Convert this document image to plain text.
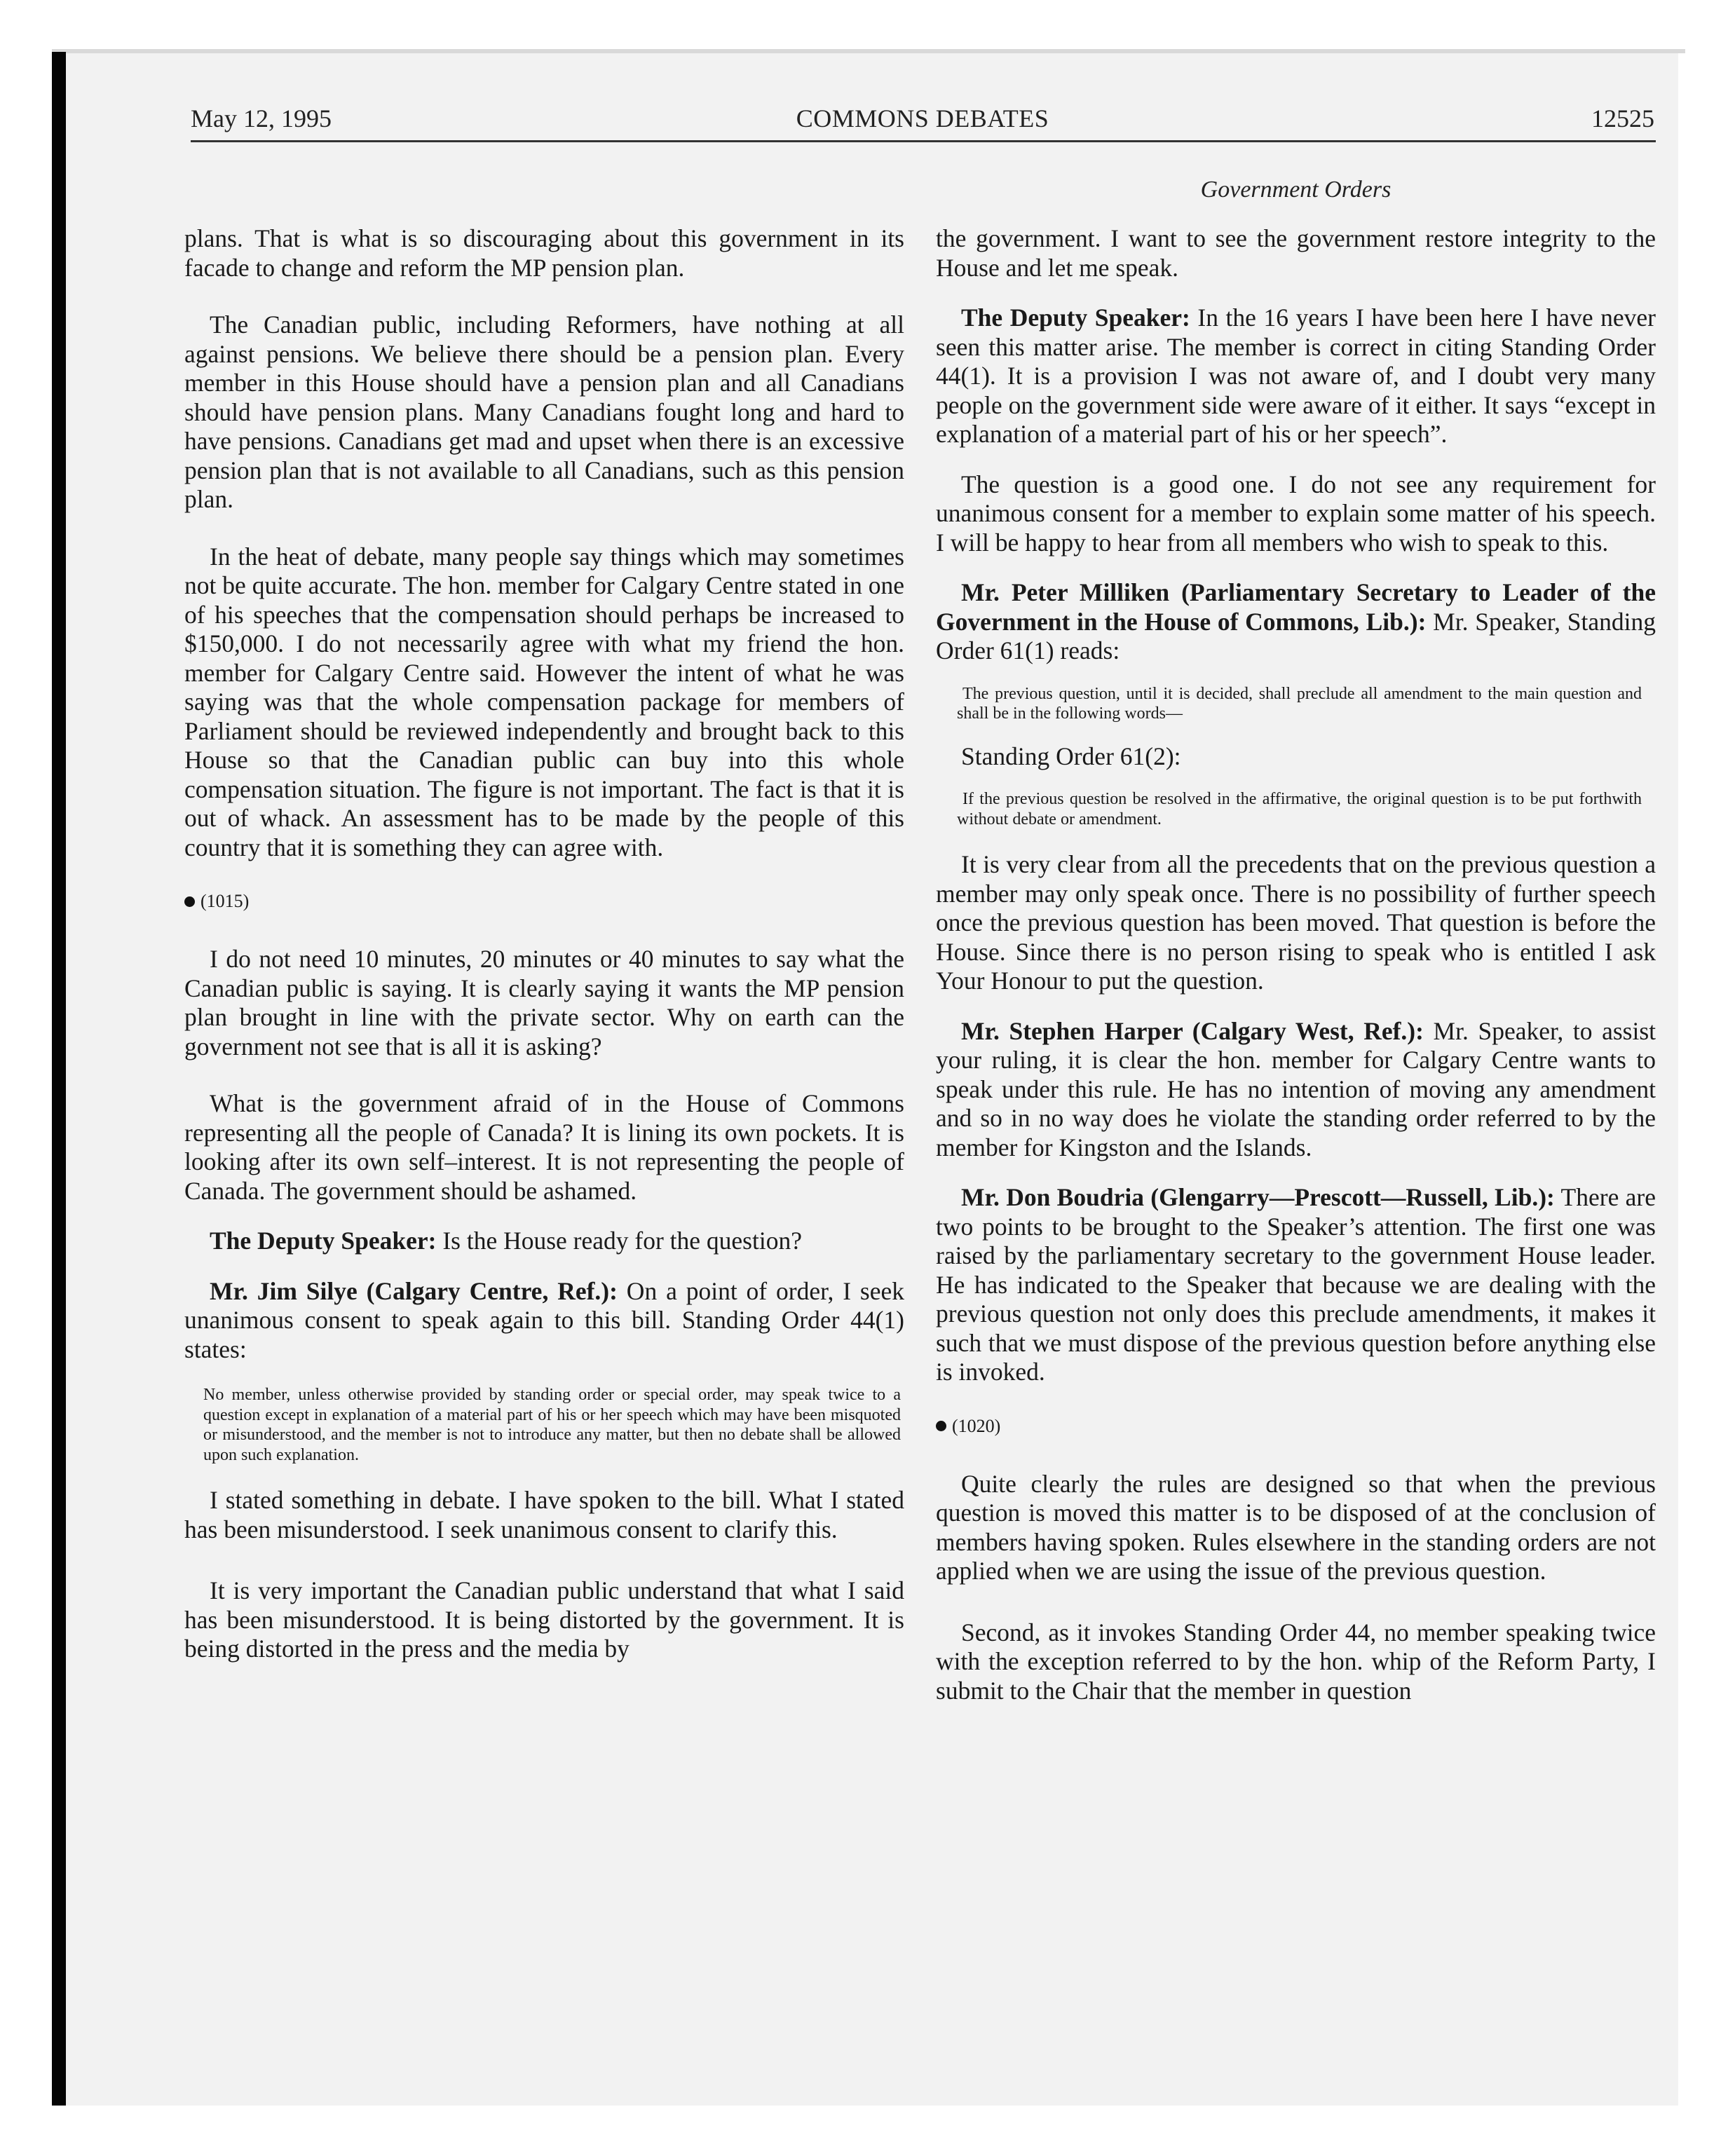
May 12, 1995	COMMONS DEBATES	12525
Government Orders

plans. That is what is so discouraging about this government in its facade to change and reform the MP pension plan.

The Canadian public, including Reformers, have nothing at all against pensions. We believe there should be a pension plan. Every member in this House should have a pension plan and all Canadians should have pension plans. Many Canadians fought long and hard to have pensions. Canadians get mad and upset when there is an excessive pension plan that is not available to all Canadians, such as this pension plan.

In the heat of debate, many people say things which may sometimes not be quite accurate. The hon. member for Calgary Centre stated in one of his speeches that the compensation should perhaps be increased to $150,000. I do not necessarily agree with what my friend the hon. member for Calgary Centre said. However the intent of what he was saying was that the whole compensation package for members of Parliament should be reviewed independently and brought back to this House so that the Canadian public can buy into this whole compensation situation. The figure is not important. The fact is that it is out of whack. An assessment has to be made by the people of this country that it is something they can agree with.

(1015)

I do not need 10 minutes, 20 minutes or 40 minutes to say what the Canadian public is saying. It is clearly saying it wants the MP pension plan brought in line with the private sector. Why on earth can the government not see that is all it is asking?

What is the government afraid of in the House of Commons representing all the people of Canada? It is lining its own pockets. It is looking after its own self–interest. It is not representing the people of Canada. The government should be ashamed.

The Deputy Speaker: Is the House ready for the question?

Mr. Jim Silye (Calgary Centre, Ref.): On a point of order, I seek unanimous consent to speak again to this bill. Standing Order 44(1) states:

No member, unless otherwise provided by standing order or special order, may speak twice to a question except in explanation of a material part of his or her speech which may have been misquoted or misunderstood, and the member is not to introduce any matter, but then no debate shall be allowed upon such explanation.

I stated something in debate. I have spoken to the bill. What I stated has been misunderstood. I seek unanimous consent to clarify this.

It is very important the Canadian public understand that what I said has been misunderstood. It is being distorted by the government. It is being distorted in the press and the media by

the government. I want to see the government restore integrity to the House and let me speak.

The Deputy Speaker: In the 16 years I have been here I have never seen this matter arise. The member is correct in citing Standing Order 44(1). It is a provision I was not aware of, and I doubt very many people on the government side were aware of it either. It says “except in explanation of a material part of his or her speech”.

The question is a good one. I do not see any requirement for unanimous consent for a member to explain some matter of his speech. I will be happy to hear from all members who wish to speak to this.

Mr. Peter Milliken (Parliamentary Secretary to Leader of the Government in the House of Commons, Lib.): Mr. Speaker, Standing Order 61(1) reads:

The previous question, until it is decided, shall preclude all amendment to the main question and shall be in the following words—

Standing Order 61(2):

If the previous question be resolved in the affirmative, the original question is to be put forthwith without debate or amendment.

It is very clear from all the precedents that on the previous question a member may only speak once. There is no possibility of further speech once the previous question has been moved. That question is before the House. Since there is no person rising to speak who is entitled I ask Your Honour to put the question.

Mr. Stephen Harper (Calgary West, Ref.): Mr. Speaker, to assist your ruling, it is clear the hon. member for Calgary Centre wants to speak under this rule. He has no intention of moving any amendment and so in no way does he violate the standing order referred to by the member for Kingston and the Islands.

Mr. Don Boudria (Glengarry—Prescott—Russell, Lib.): There are two points to be brought to the Speaker’s attention. The first one was raised by the parliamentary secretary to the government House leader. He has indicated to the Speaker that because we are dealing with the previous question not only does this preclude amendments, it makes it such that we must dispose of the previous question before anything else is invoked.

(1020)

Quite clearly the rules are designed so that when the previous question is moved this matter is to be disposed of at the conclusion of members having spoken. Rules elsewhere in the standing orders are not applied when we are using the issue of the previous question.

Second, as it invokes Standing Order 44, no member speaking twice with the exception referred to by the hon. whip of the Reform Party, I submit to the Chair that the member in question
